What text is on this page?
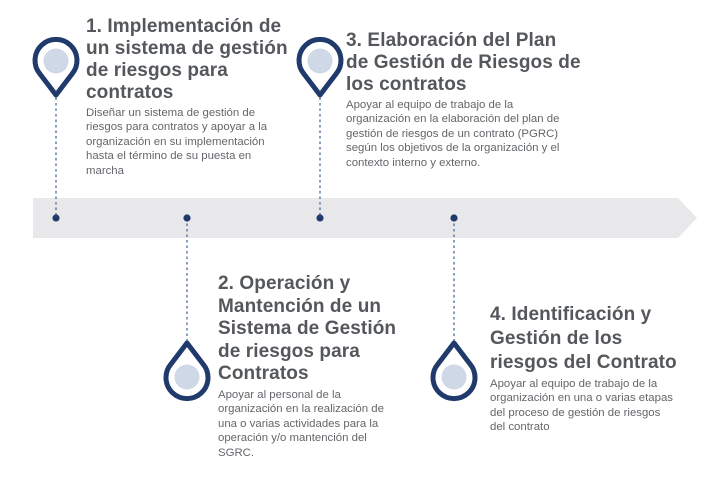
1. Implementación de
un sistema de gestión
de riesgos para
contratos

Diseñar un sistema de gestión de
riesgos para contratos y apoyar a la
organización en su implementación
hasta el término de su puesta en
marcha

2. Operación y
Mantención de un
Sistema de Gestión
de riesgos para
Contratos

Apoyar al personal de la
organización en la realización de
una o varias actividades para la
operación y/o mantención del
SGRC.

3. Elaboración del Plan
de Gestión de Riesgos de
los contratos

Apoyar al equipo de trabajo de la
organización en la elaboración del plan de
gestión de riesgos de un contrato (PGRC)
según los objetivos de la organización y el
contexto interno y externo.

4. Identificación y
Gestión de los
riesgos del Contrato

Apoyar al equipo de trabajo de la
organización en una o varias etapas
del proceso de gestión de riesgos
del contrato
